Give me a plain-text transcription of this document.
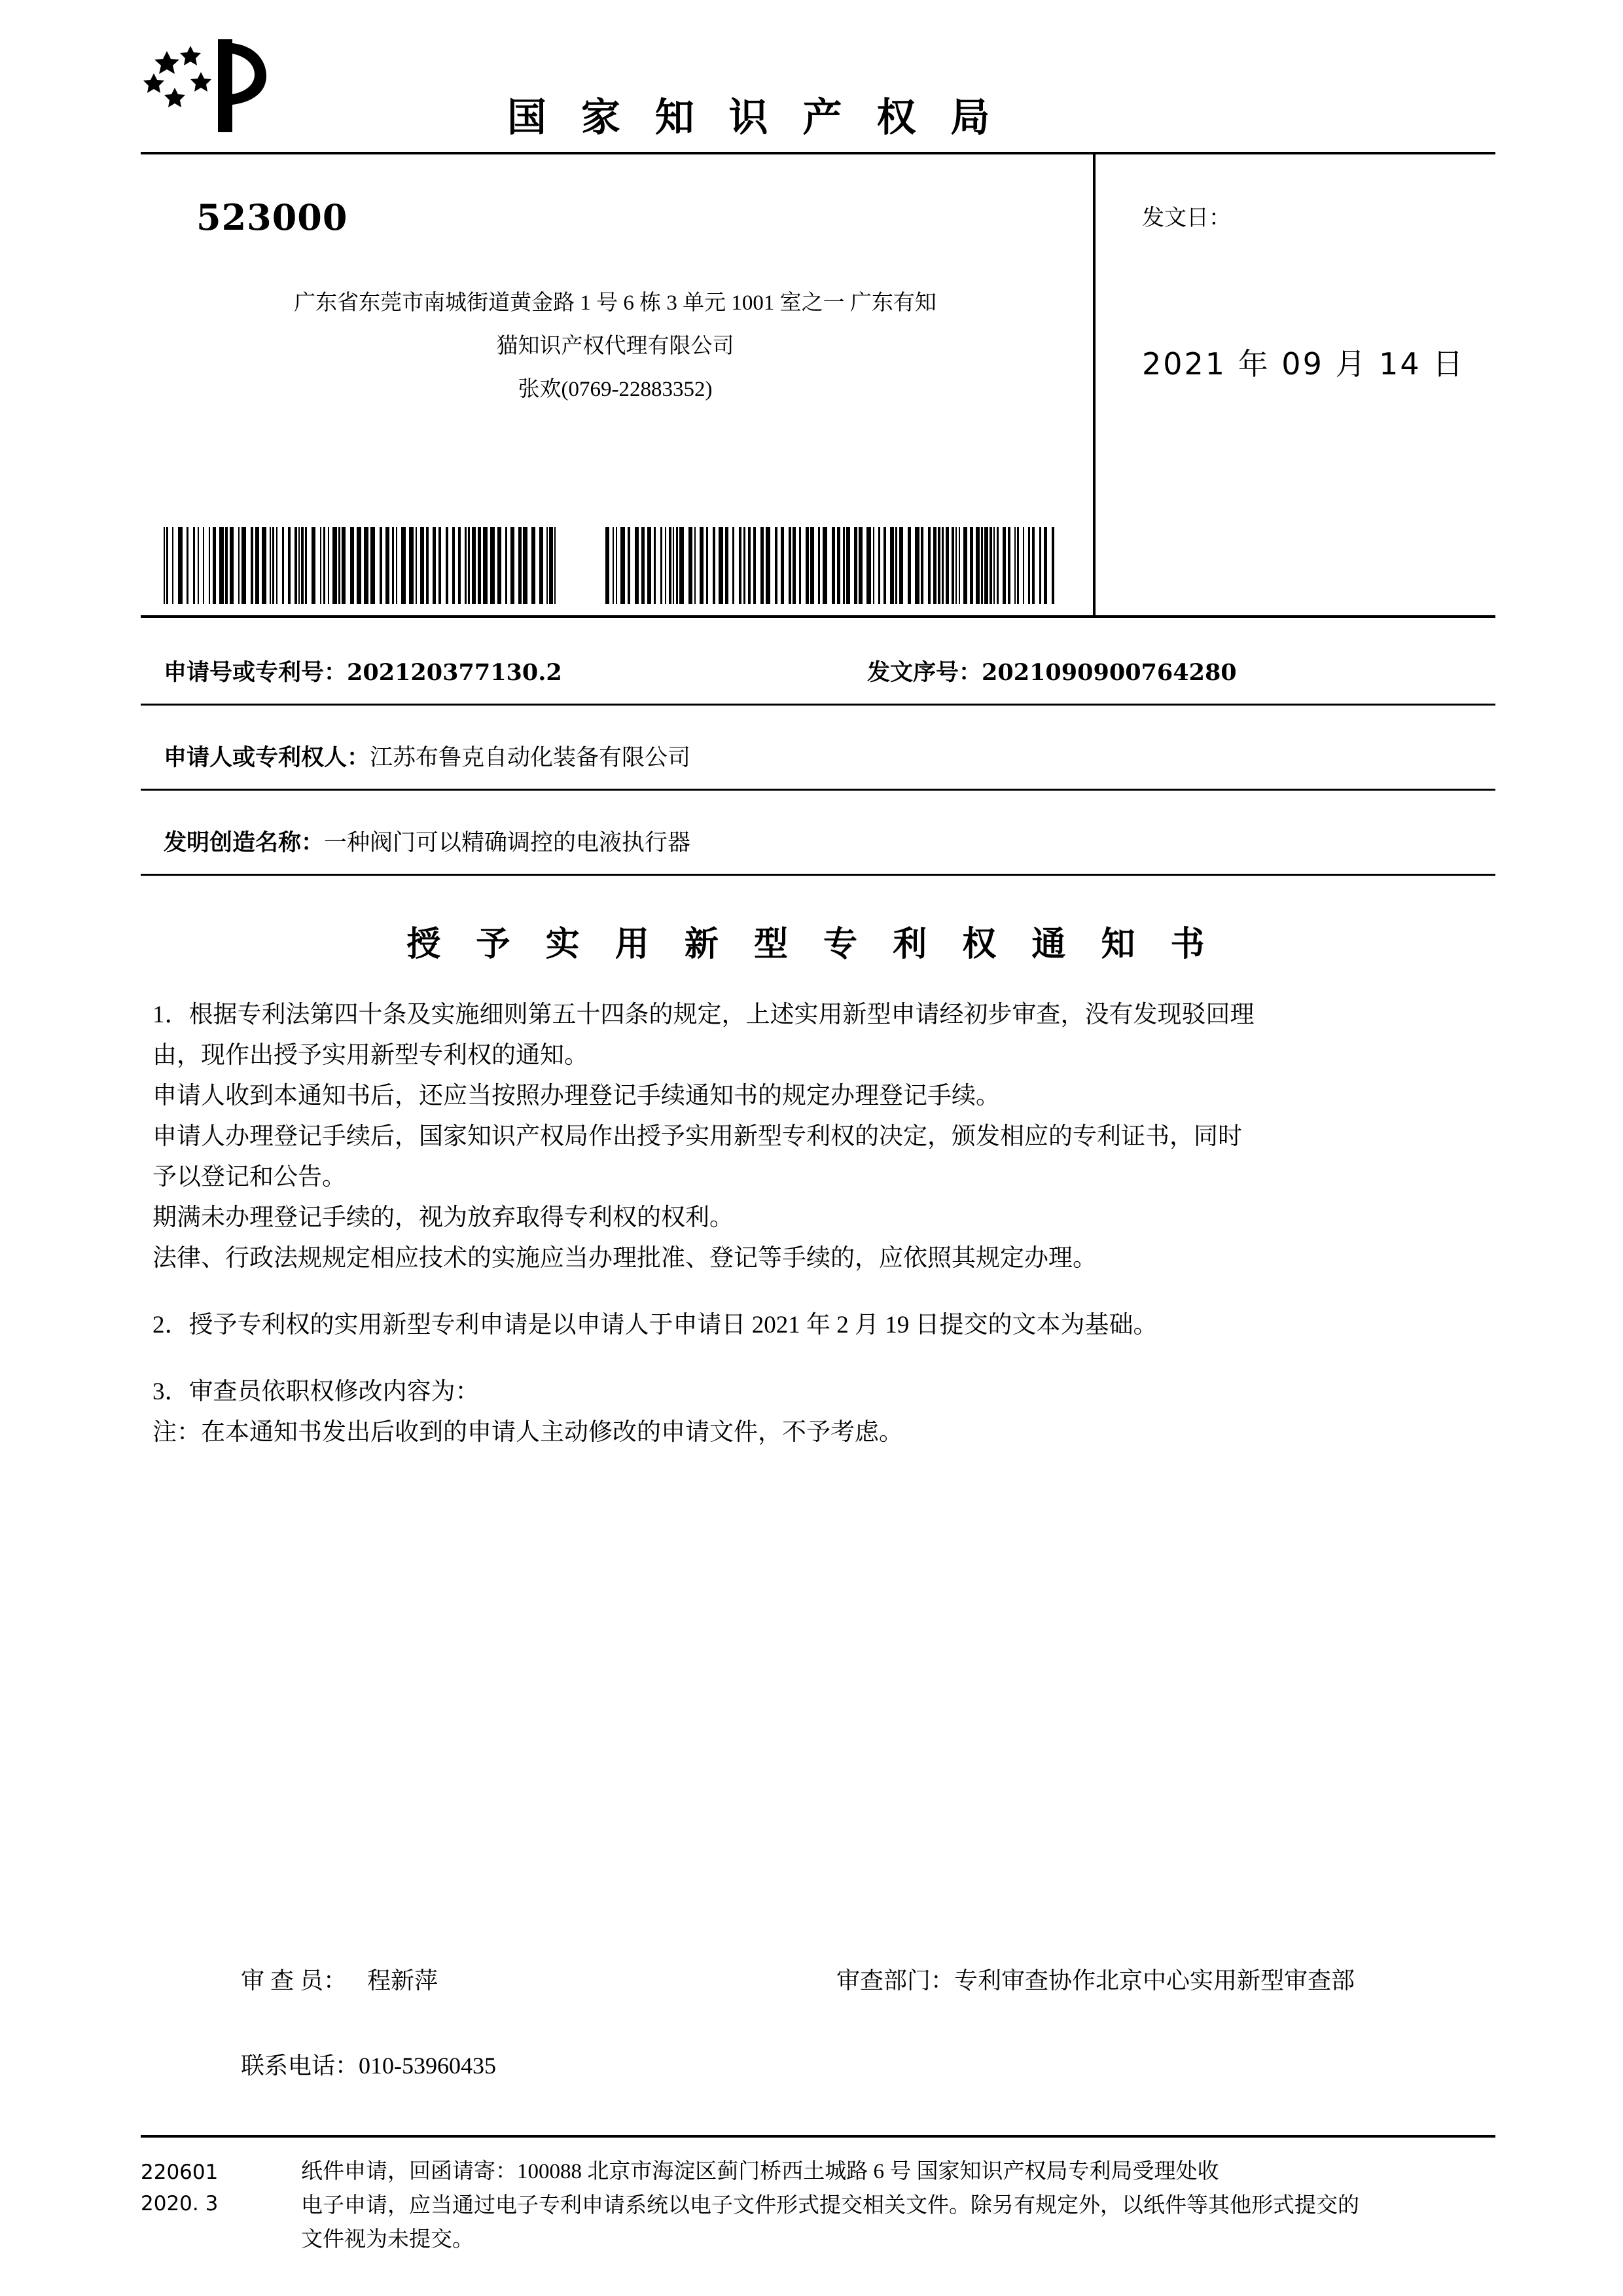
国 家 知 识 产 权 局
523000
广东省东莞市南城街道黄金路 1 号 6 栋 3 单元 1001 室之一 广东有知
猫知识产权代理有限公司
张欢(0769-22883352)
发文日：
2021 年 09 月 14 日
申请号或专利号：202120377130.2	发文序号：2021090900764280
申请人或专利权人：江苏布鲁克自动化装备有限公司
发明创造名称：一种阀门可以精确调控的电液执行器
授 予 实 用 新 型 专 利 权 通 知 书

1．根据专利法第四十条及实施细则第五十四条的规定，上述实用新型申请经初步审查，没有发现驳回理

由，现作出授予实用新型专利权的通知。

申请人收到本通知书后，还应当按照办理登记手续通知书的规定办理登记手续。

申请人办理登记手续后，国家知识产权局作出授予实用新型专利权的决定，颁发相应的专利证书，同时

予以登记和公告。

期满未办理登记手续的，视为放弃取得专利权的权利。

法律、行政法规规定相应技术的实施应当办理批准、登记等手续的，应依照其规定办理。

2．授予专利权的实用新型专利申请是以申请人于申请日 2021 年 2 月 19 日提交的文本为基础。

3．审查员依职权修改内容为：

注：在本通知书发出后收到的申请人主动修改的申请文件，不予考虑。

审 查 员： 程新萍	审查部门：专利审查协作北京中心实用新型审查部
联系电话：010-53960435
220601
2020. 3
纸件申请，回函请寄：100088 北京市海淀区蓟门桥西土城路 6 号 国家知识产权局专利局受理处收
电子申请，应当通过电子专利申请系统以电子文件形式提交相关文件。除另有规定外，以纸件等其他形式提交的
文件视为未提交。
